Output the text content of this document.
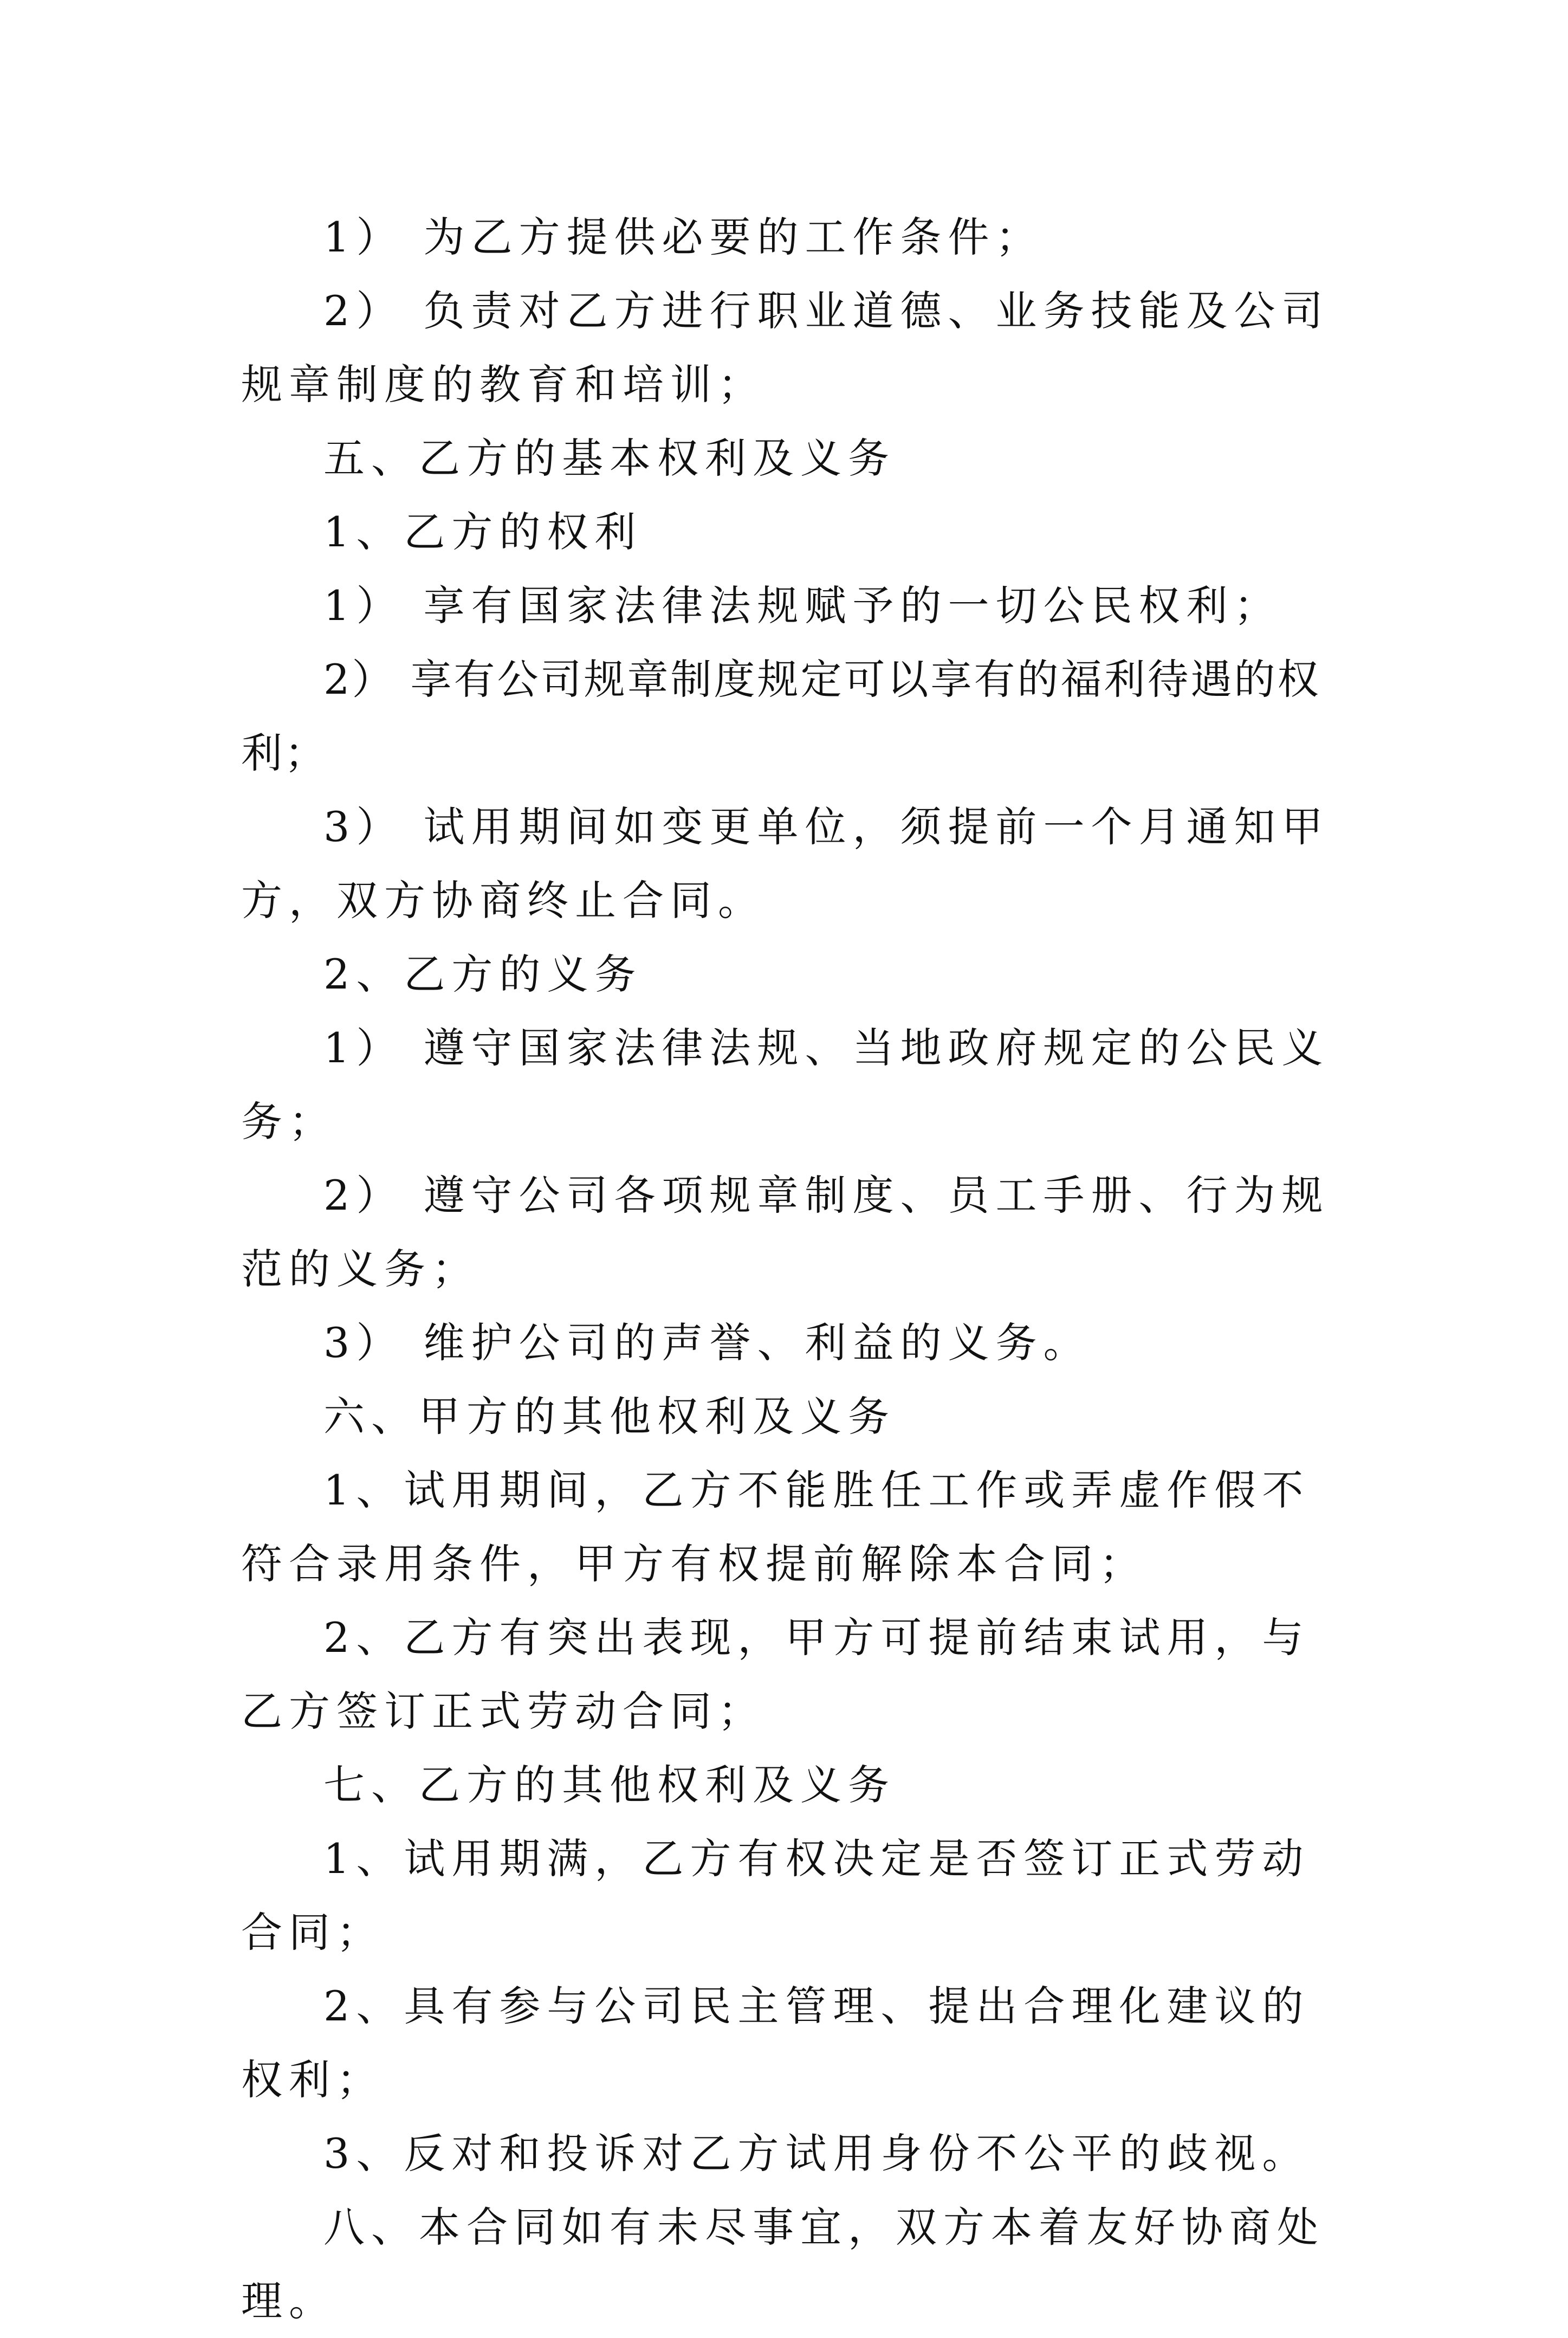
1） 为乙方提供必要的工作条件；

2） 负责对乙方进行职业道德、业务技能及公司规章制度的教育和培训；

五、乙方的基本权利及义务

1、乙方的权利

1） 享有国家法律法规赋予的一切公民权利；

2） 享有公司规章制度规定可以享有的福利待遇的权利；

3） 试用期间如变更单位，须提前一个月通知甲方，双方协商终止合同。

2、乙方的义务

1） 遵守国家法律法规、当地政府规定的公民义务；

2） 遵守公司各项规章制度、员工手册、行为规范的义务；

3） 维护公司的声誉、利益的义务。

六、甲方的其他权利及义务

1、试用期间，乙方不能胜任工作或弄虚作假不符合录用条件，甲方有权提前解除本合同；

2、乙方有突出表现，甲方可提前结束试用，与乙方签订正式劳动合同；

七、乙方的其他权利及义务

1、试用期满，乙方有权决定是否签订正式劳动合同；

2、具有参与公司民主管理、提出合理化建议的权利；

3、反对和投诉对乙方试用身份不公平的歧视。

八、本合同如有未尽事宜，双方本着友好协商处理。
